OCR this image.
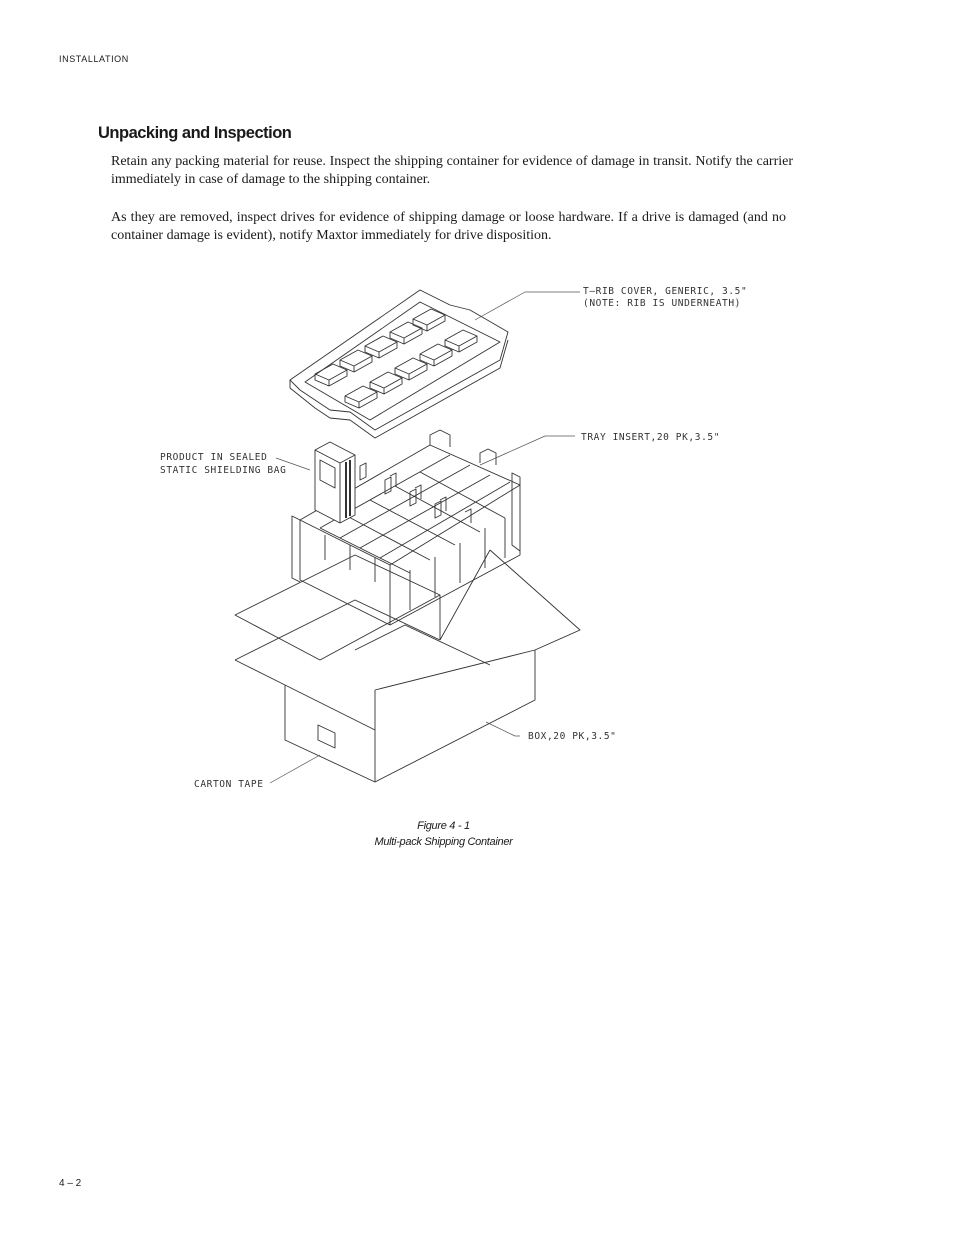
INSTALLATION
Unpacking and Inspection

Retain any packing material for reuse. Inspect the shipping container for evidence of damage in transit. Notify the carrier immediately in case of damage to the shipping container.

As they are removed, inspect drives for evidence of shipping damage or loose hardware. If a drive is damaged (and no container damage is evident), notify Maxtor immediately for drive disposition.

T–RIB COVER, GENERIC, 3.5"
(NOTE: RIB IS UNDERNEATH)
TRAY INSERT,20 PK,3.5"
PRODUCT IN SEALED
STATIC SHIELDING BAG
BOX,20 PK,3.5"
CARTON TAPE
Figure 4 - 1
Multi-pack Shipping Container
4 – 2
